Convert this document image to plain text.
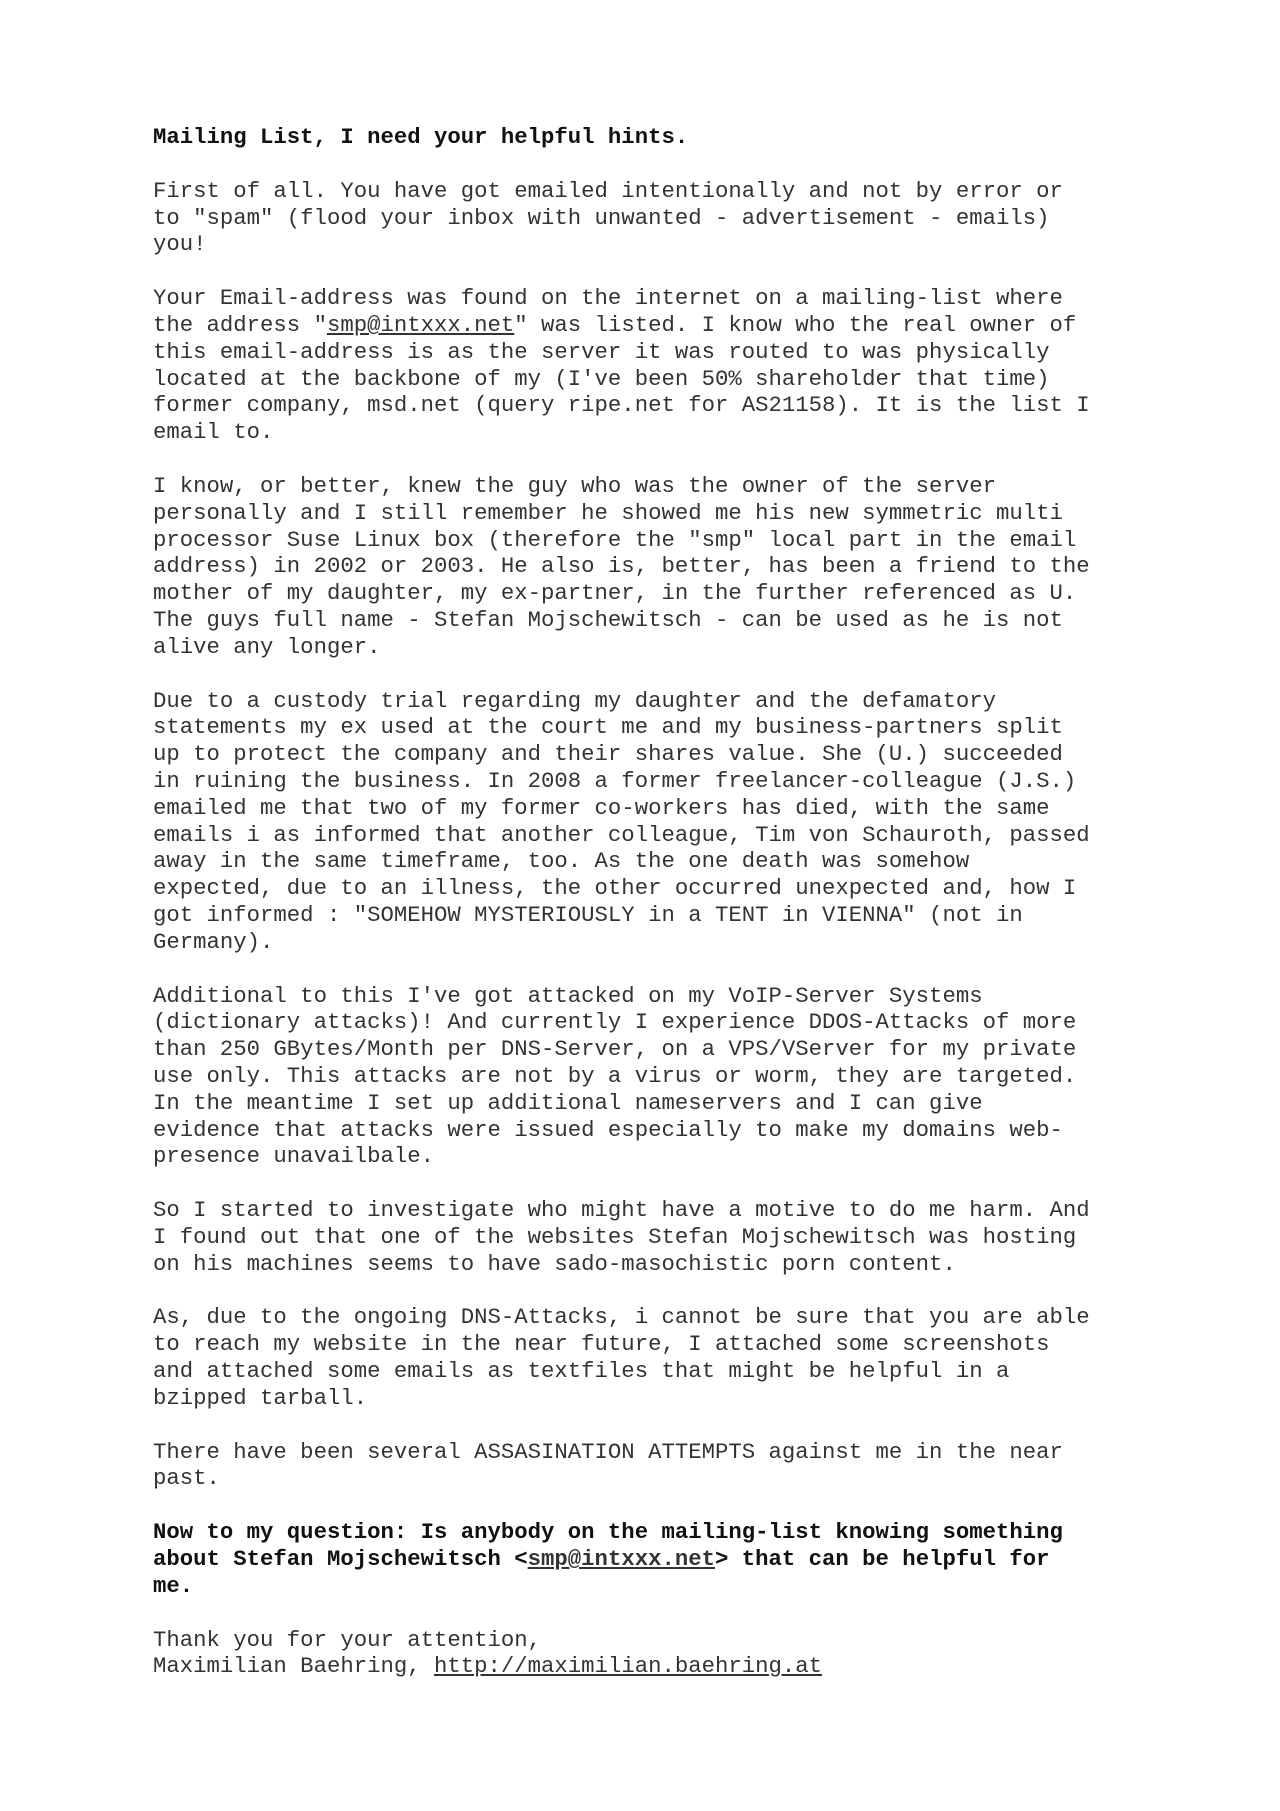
Mailing List, I need your helpful hints.
First of all. You have got emailed intentionally and not by error or
to "spam" (flood your inbox with unwanted - advertisement - emails)
you!
Your Email-address was found on the internet on a mailing-list where
the address "smp@intxxx.net" was listed. I know who the real owner of
this email-address is as the server it was routed to was physically
located at the backbone of my (I've been 50% shareholder that time)
former company, msd.net (query ripe.net for AS21158). It is the list I
email to.
I know, or better, knew the guy who was the owner of the server
personally and I still remember he showed me his new symmetric multi
processor Suse Linux box (therefore the "smp" local part in the email
address) in 2002 or 2003. He also is, better, has been a friend to the
mother of my daughter, my ex-partner, in the further referenced as U.
The guys full name - Stefan Mojschewitsch - can be used as he is not
alive any longer.
Due to a custody trial regarding my daughter and the defamatory
statements my ex used at the court me and my business-partners split
up to protect the company and their shares value. She (U.) succeeded
in ruining the business. In 2008 a former freelancer-colleague (J.S.)
emailed me that two of my former co-workers has died, with the same
emails i as informed that another colleague, Tim von Schauroth, passed
away in the same timeframe, too. As the one death was somehow
expected, due to an illness, the other occurred unexpected and, how I
got informed : "SOMEHOW MYSTERIOUSLY in a TENT in VIENNA" (not in
Germany).
Additional to this I've got attacked on my VoIP-Server Systems
(dictionary attacks)! And currently I experience DDOS-Attacks of more
than 250 GBytes/Month per DNS-Server, on a VPS/VServer for my private
use only. This attacks are not by a virus or worm, they are targeted.
In the meantime I set up additional nameservers and I can give
evidence that attacks were issued especially to make my domains web-
presence unavailbale.
So I started to investigate who might have a motive to do me harm. And
I found out that one of the websites Stefan Mojschewitsch was hosting
on his machines seems to have sado-masochistic porn content.
As, due to the ongoing DNS-Attacks, i cannot be sure that you are able
to reach my website in the near future, I attached some screenshots
and attached some emails as textfiles that might be helpful in a
bzipped tarball.
There have been several ASSASINATION ATTEMPTS against me in the near
past.
Now to my question: Is anybody on the mailing-list knowing something
about Stefan Mojschewitsch <smp@intxxx.net> that can be helpful for
me.
Thank you for your attention,
Maximilian Baehring, http://maximilian.baehring.at
